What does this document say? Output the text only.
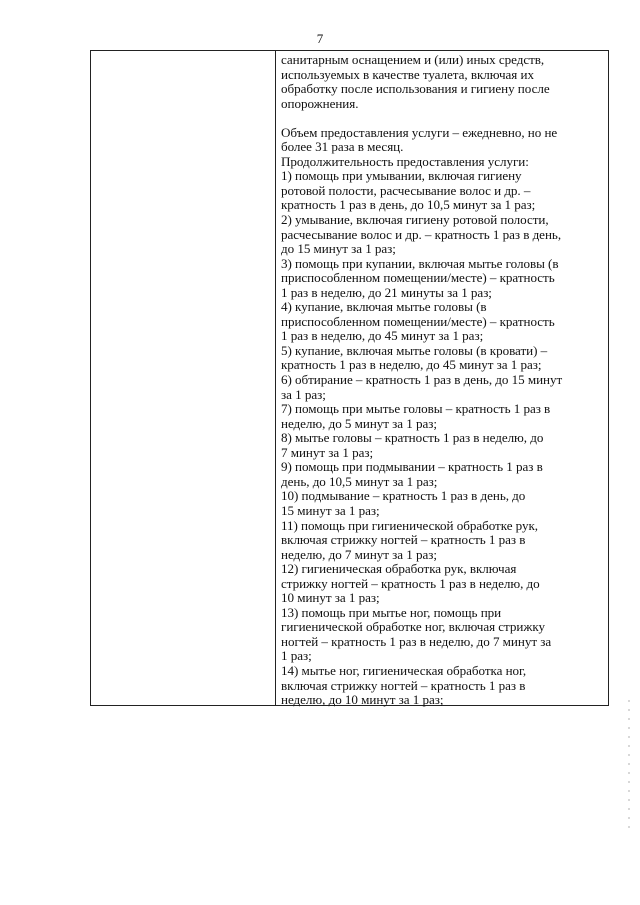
7
санитарным оснащением и (или) иных средств,
используемых в качестве туалета, включая их
обработку после использования и гигиену после
опорожнения.
Объем предоставления услуги – ежедневно, но не
более 31 раза в месяц.
Продолжительность предоставления услуги:
1) помощь при умывании, включая гигиену
ротовой полости, расчесывание волос и др. –
кратность 1 раз в день, до 10,5 минут за 1 раз;
2) умывание, включая гигиену ротовой полости,
расчесывание волос и др. – кратность 1 раз в день,
до 15 минут за 1 раз;
3) помощь при купании, включая мытье головы (в
приспособленном помещении/месте) – кратность
1 раз в неделю, до 21 минуты за 1 раз;
4) купание, включая мытье головы (в
приспособленном помещении/месте) – кратность
1 раз в неделю, до 45 минут за 1 раз;
5) купание, включая мытье головы (в кровати) –
кратность 1 раз в неделю, до 45 минут за 1 раз;
6) обтирание – кратность 1 раз в день, до 15 минут
за 1 раз;
7) помощь при мытье головы – кратность 1 раз в
неделю, до 5 минут за 1 раз;
8) мытье головы – кратность 1 раз в неделю, до
7 минут за 1 раз;
9) помощь при подмывании – кратность 1 раз в
день, до 10,5 минут за 1 раз;
10) подмывание – кратность 1 раз в день, до
15 минут за 1 раз;
11) помощь при гигиенической обработке рук,
включая стрижку ногтей – кратность 1 раз в
неделю, до 7 минут за 1 раз;
12) гигиеническая обработка рук, включая
стрижку ногтей – кратность 1 раз в неделю, до
10 минут за 1 раз;
13) помощь при мытье ног, помощь при
гигиенической обработке ног, включая стрижку
ногтей – кратность 1 раз в неделю, до 7 минут за
1 раз;
14) мытье ног, гигиеническая обработка ног,
включая стрижку ногтей – кратность 1 раз в
неделю, до 10 минут за 1 раз;
